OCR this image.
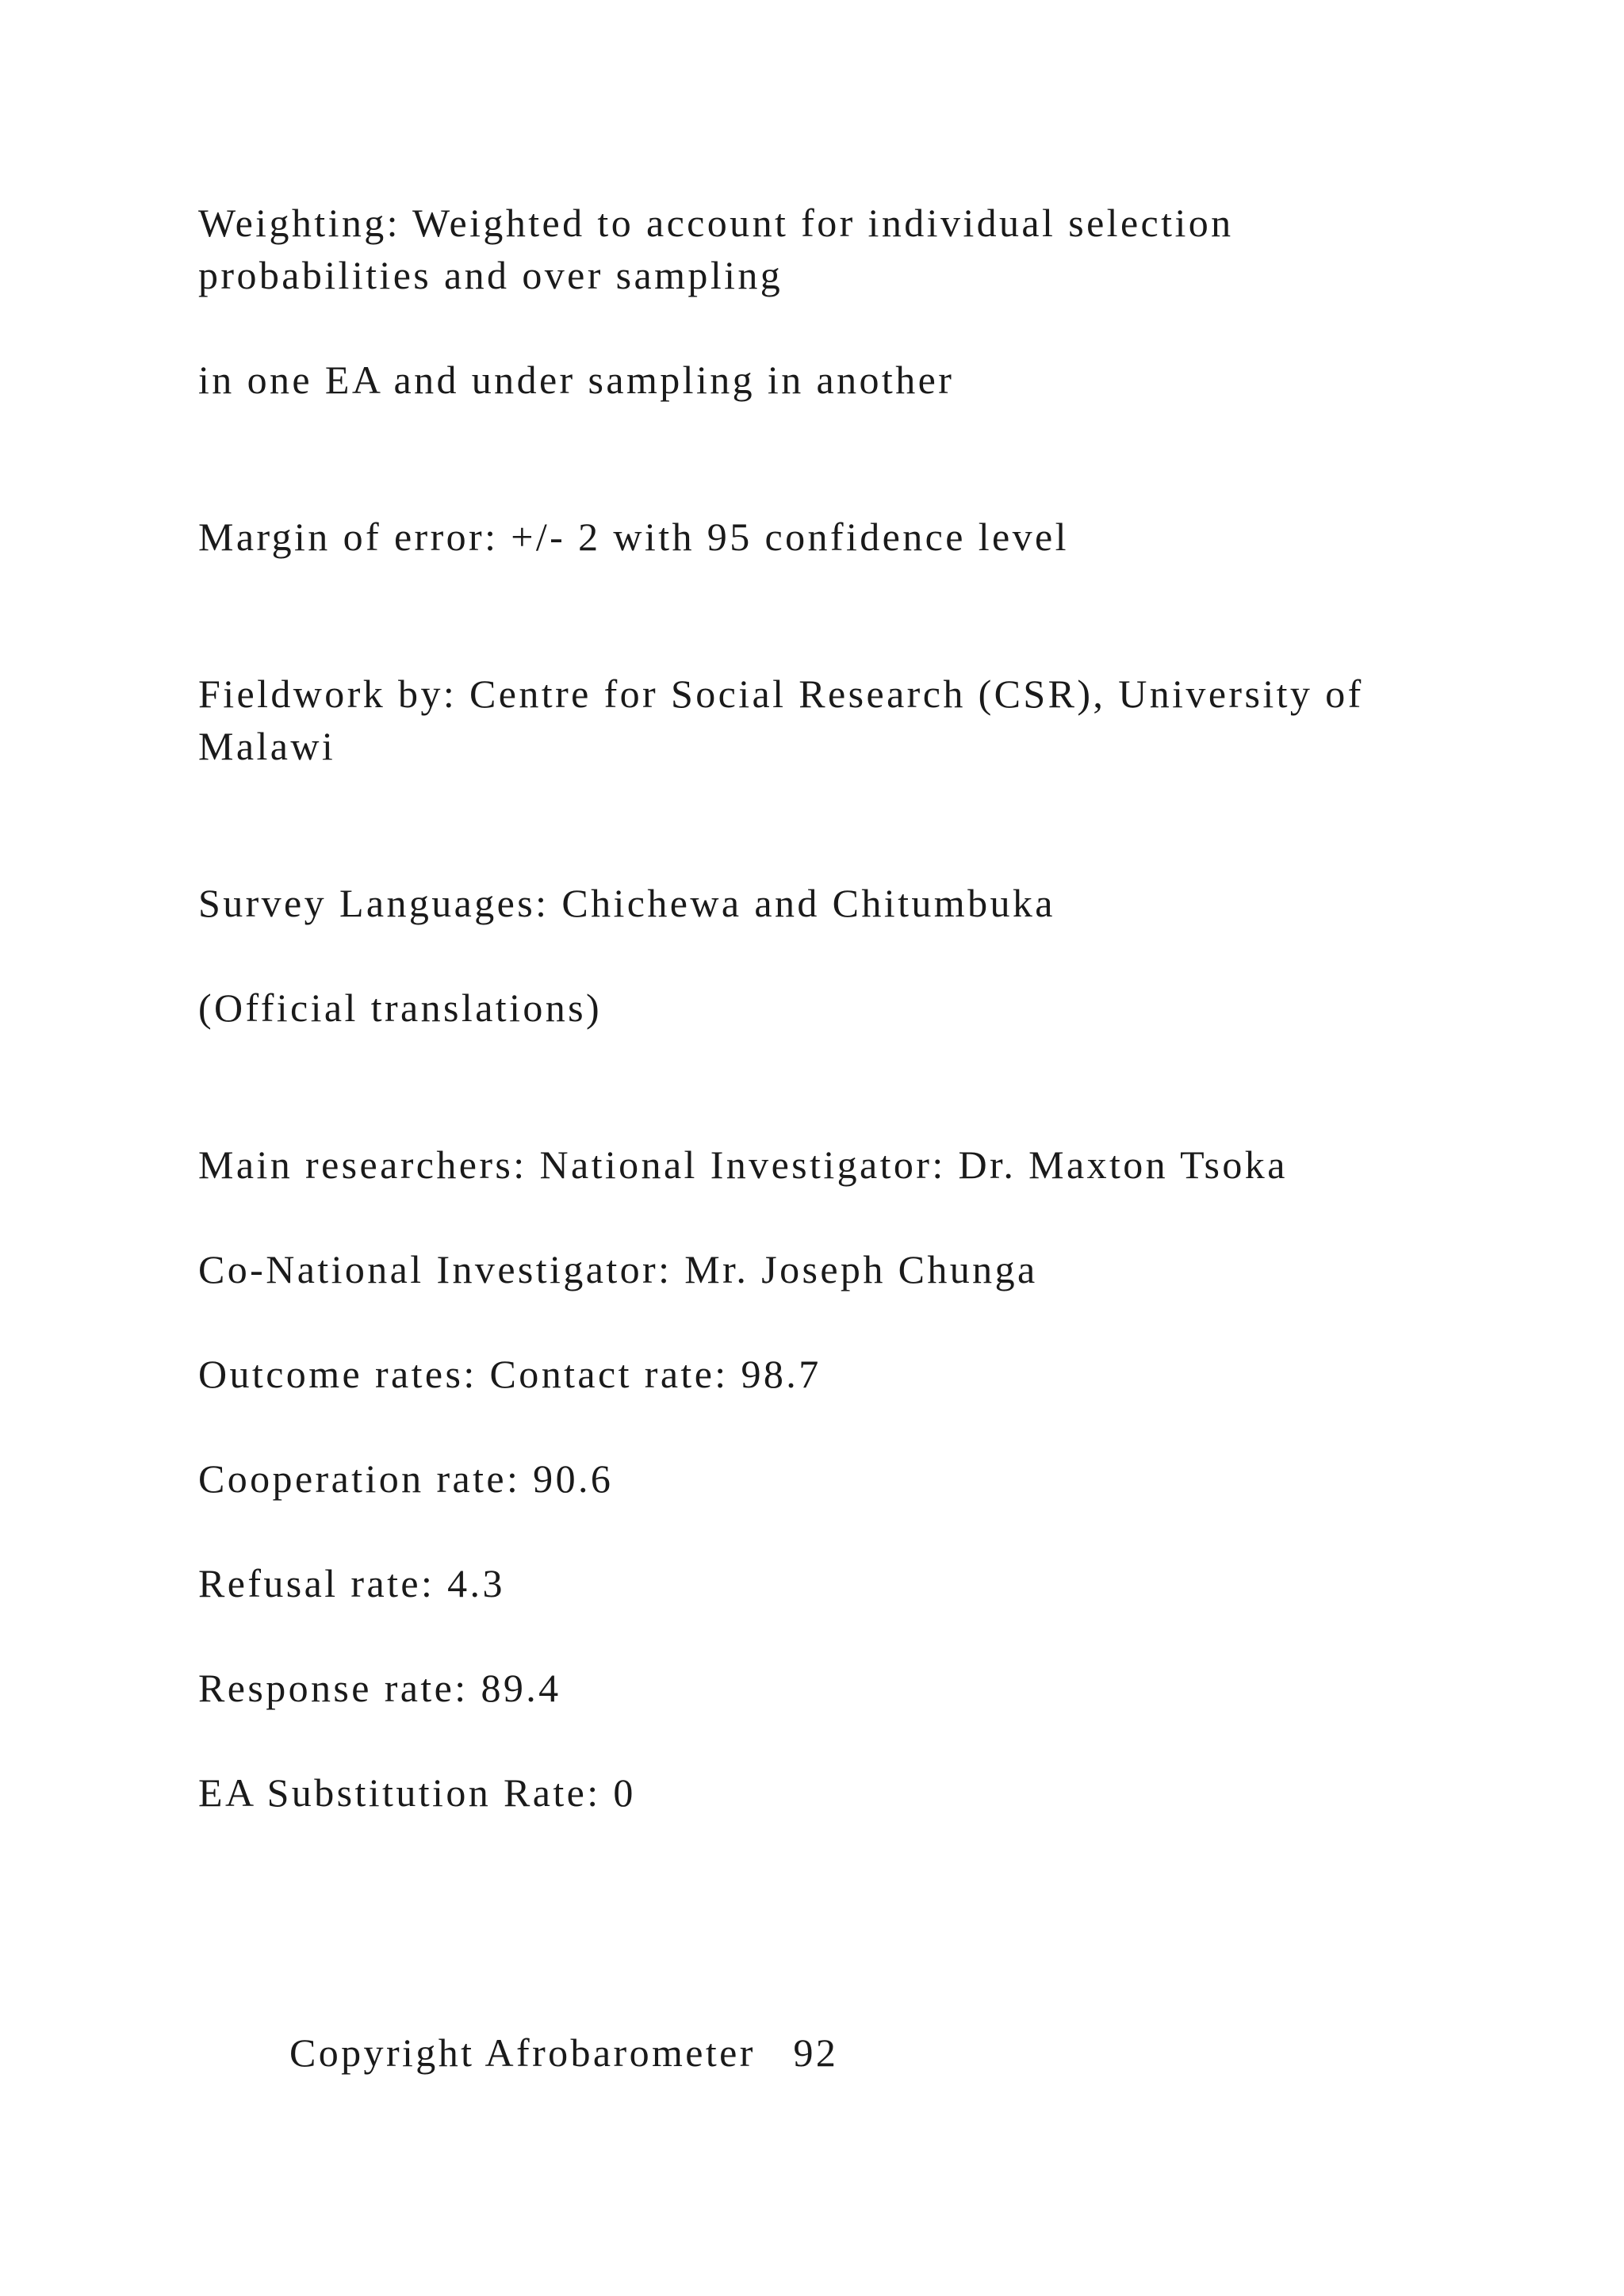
Weighting: Weighted to account for individual selection
probabilities and over sampling
in one EA and under sampling in another
Margin of error: +/- 2 with 95 confidence level
Fieldwork by: Centre for Social Research (CSR), University of
Malawi
Survey Languages: Chichewa and Chitumbuka
(Official translations)
Main researchers: National Investigator: Dr. Maxton Tsoka
Co-National Investigator: Mr. Joseph Chunga
Outcome rates: Contact rate: 98.7
Cooperation rate: 90.6
Refusal rate: 4.3
Response rate: 89.4
EA Substitution Rate: 0
Copyright Afrobarometer 92
